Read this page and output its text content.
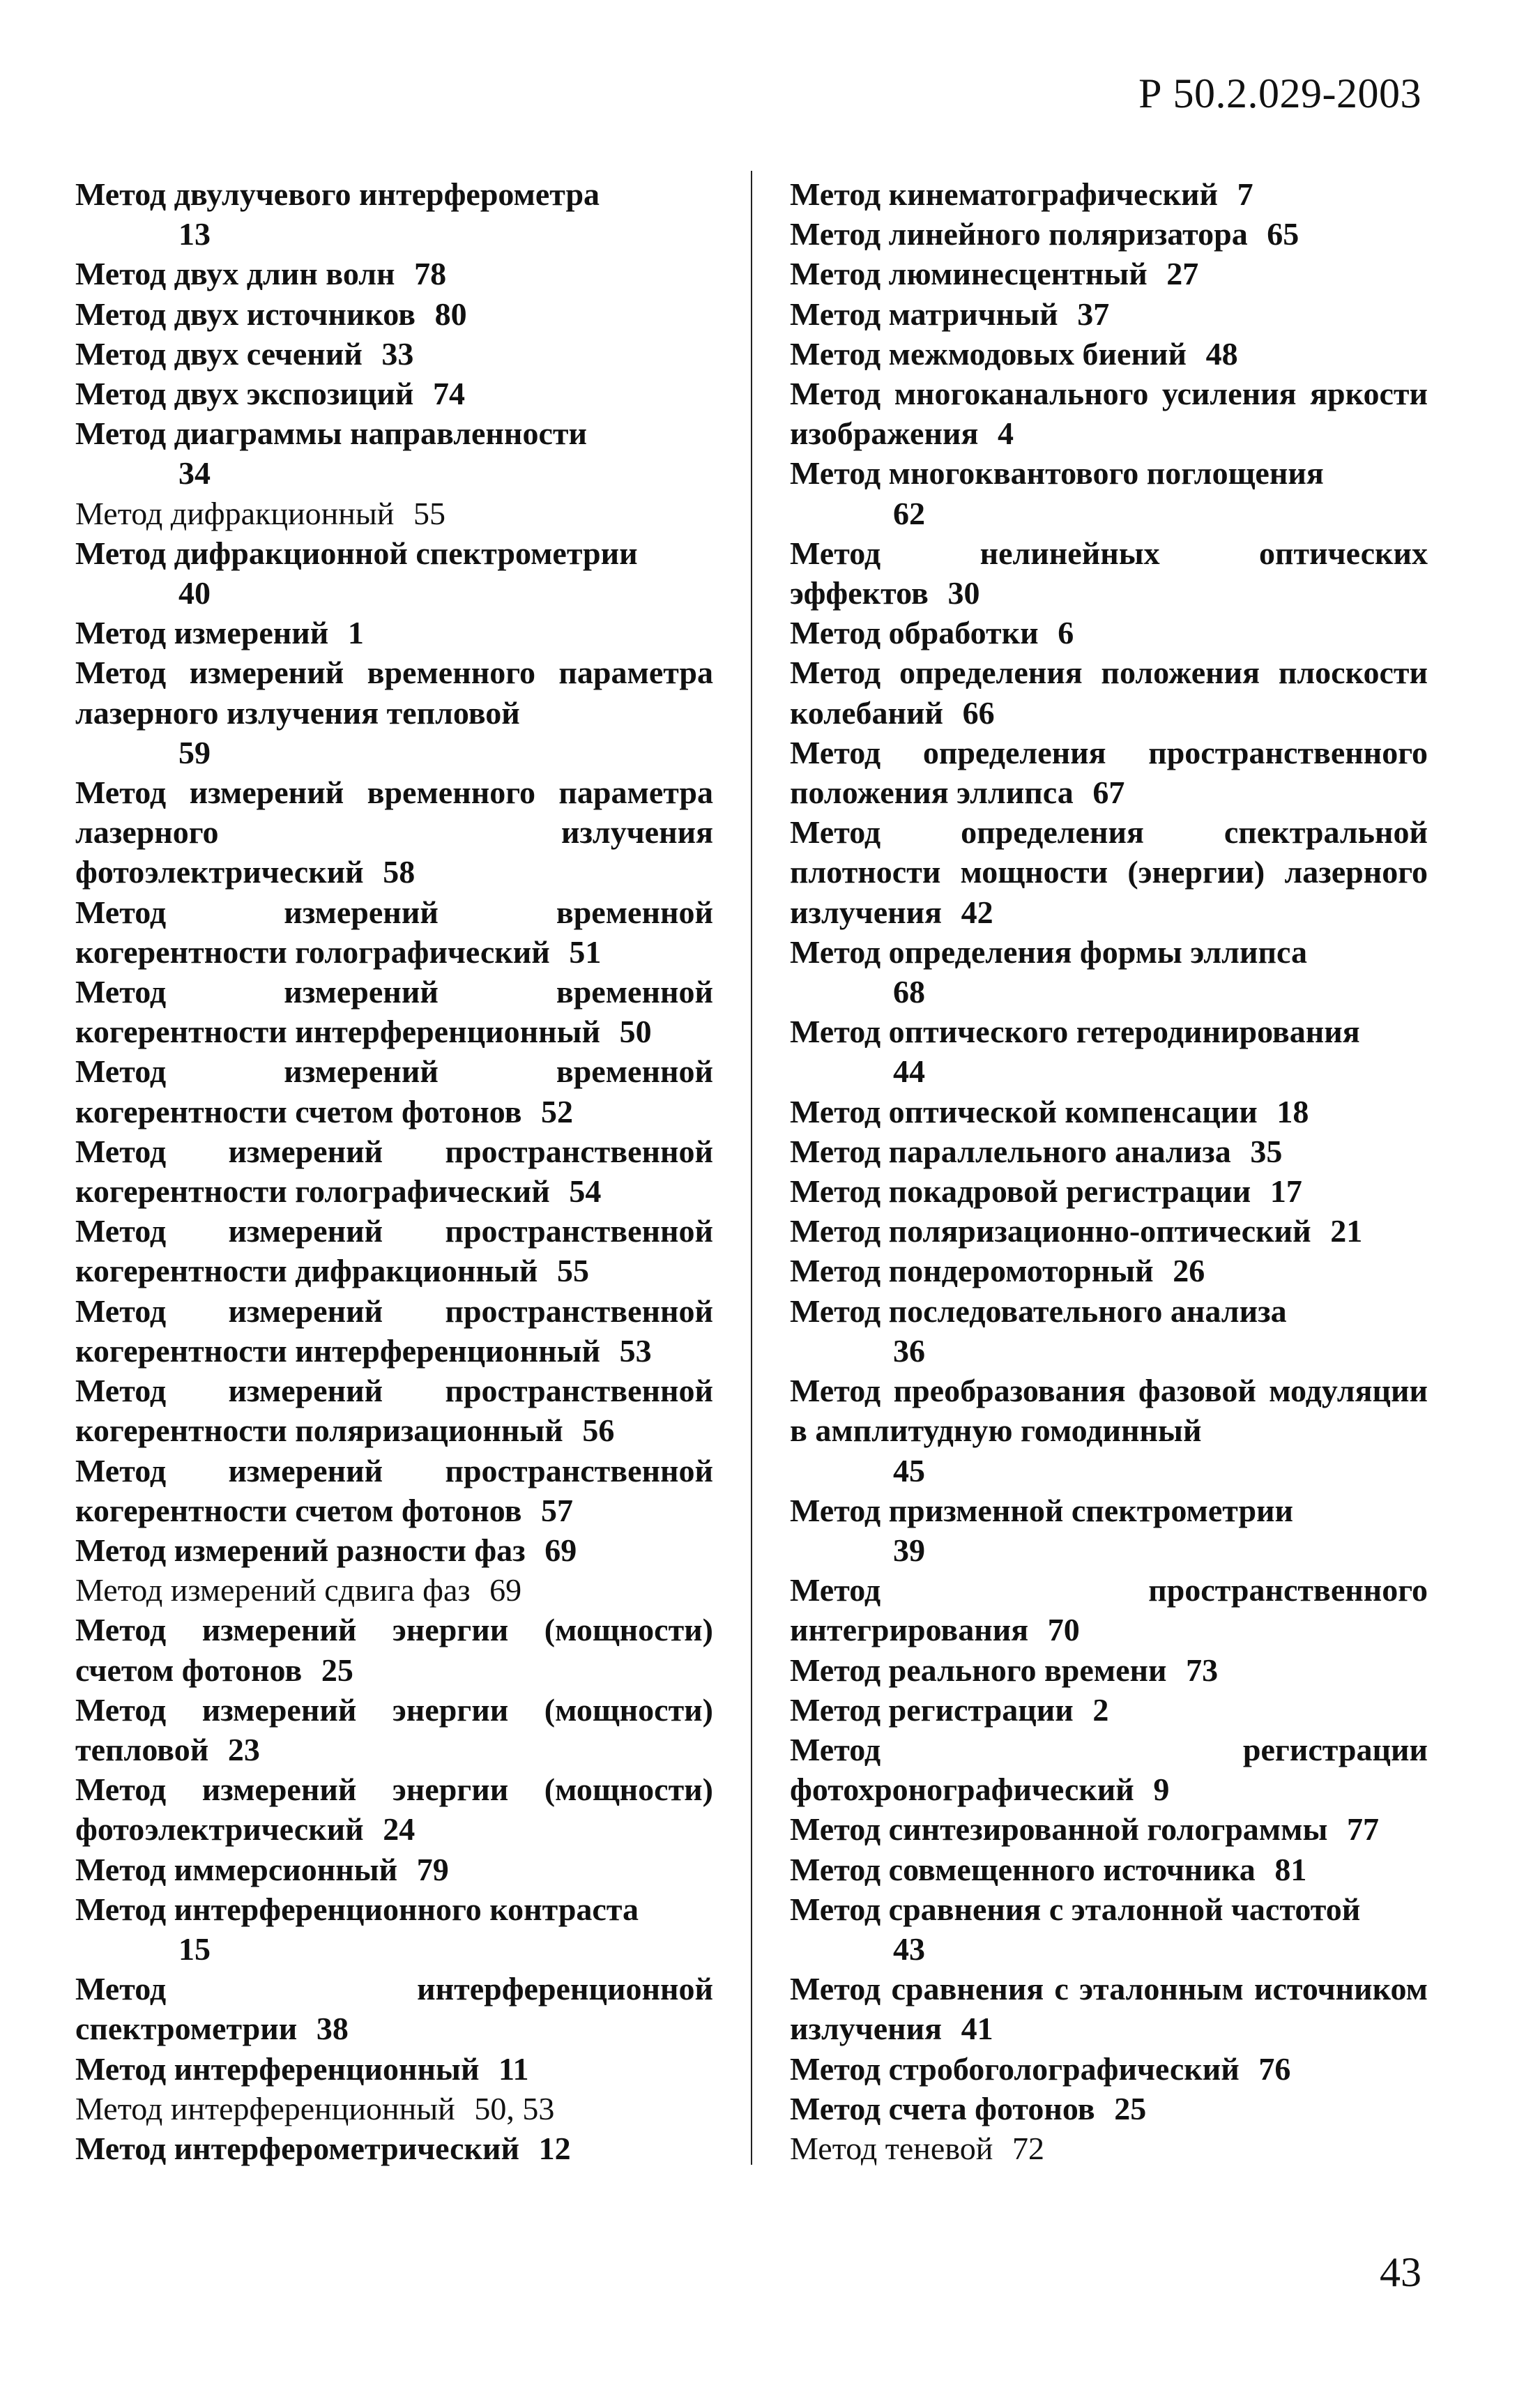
Р 50.2.029-2003
Метод двулучевого интерферометра
13
Метод двух длин волн 78
Метод двух источников 80
Метод двух сечений 33
Метод двух экспозиций 74
Метод диаграммы направленности
34
Метод дифракционный 55
Метод дифракционной спектрометрии
40
Метод измерений 1
Метод измерений временного параметра лазерного излучения тепловой
59
Метод измерений временного параметра лазерного излучения фотоэлектрический 58
Метод измерений временной когерентности голографический 51
Метод измерений временной когерентности интерференционный 50
Метод измерений временной когерентности счетом фотонов 52
Метод измерений пространственной когерентности голографический 54
Метод измерений пространственной когерентности дифракционный 55
Метод измерений пространственной когерентности интерференционный 53
Метод измерений пространственной когерентности поляризационный 56
Метод измерений пространственной когерентности счетом фотонов 57
Метод измерений разности фаз 69
Метод измерений сдвига фаз 69
Метод измерений энергии (мощности) счетом фотонов 25
Метод измерений энергии (мощности) тепловой 23
Метод измерений энергии (мощности) фотоэлектрический 24
Метод иммерсионный 79
Метод интерференционного контраста
15
Метод интерференционной спектрометрии 38
Метод интерференционный 11
Метод интерференционный 50, 53
Метод интерферометрический 12
Метод кинематографический 7
Метод линейного поляризатора 65
Метод люминесцентный 27
Метод матричный 37
Метод межмодовых биений 48
Метод многоканального усиления яркости изображения 4
Метод многоквантового поглощения
62
Метод нелинейных оптических эффектов 30
Метод обработки 6
Метод определения положения плоскости колебаний 66
Метод определения пространственного положения эллипса 67
Метод определения спектральной плотности мощности (энергии) лазерного излучения 42
Метод определения формы эллипса
68
Метод оптического гетеродинирования
44
Метод оптической компенсации 18
Метод параллельного анализа 35
Метод покадровой регистрации 17
Метод поляризационно-оптический 21
Метод пондеромоторный 26
Метод последовательного анализа
36
Метод преобразования фазовой модуляции в амплитудную гомодинный
45
Метод призменной спектрометрии
39
Метод пространственного интегрирования 70
Метод реального времени 73
Метод регистрации 2
Метод регистрации фотохронографический 9
Метод синтезированной голограммы 77
Метод совмещенного источника 81
Метод сравнения с эталонной частотой
43
Метод сравнения с эталонным источником излучения 41
Метод стробоголографический 76
Метод счета фотонов 25
Метод теневой 72
43
